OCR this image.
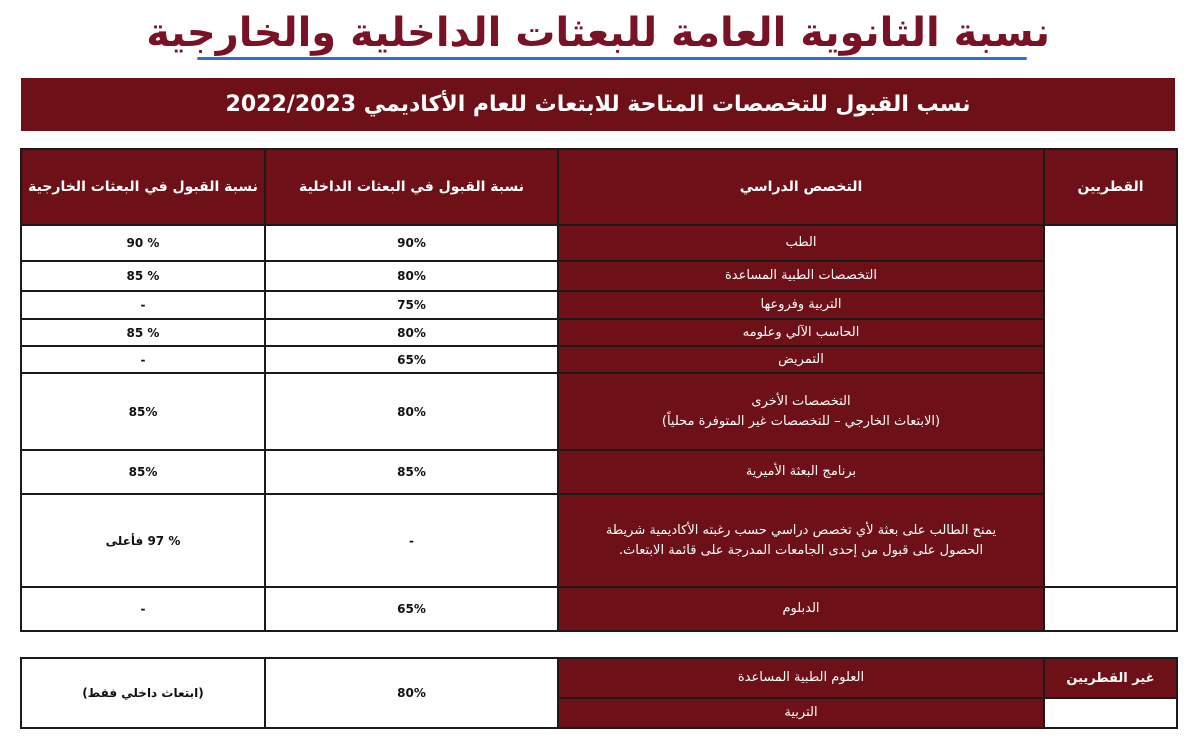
نسبة الثانوية العامة للبعثات الداخلية والخارجية
نسب القبول للتخصصات المتاحة للابتعاث للعام الأكاديمي 2022/2023
القطريين	التخصص الدراسي	نسبة القبول في البعثات الداخلية	نسبة القبول في البعثات الخارجية
	الطب	90%	90 %
	التخصصات الطبية المساعدة	80%	85 %
	التربية وفروعها	75%	-
	الحاسب الآلي وعلومه	80%	85 %
	التمريض	65%	-

	التخصصات الأخرى
(الابتعاث الخارجي – للتخصصات غير المتوفرة محلياً)	80%	85%
	برنامج البعثة الأميرية	85%	85%

	يمنح الطالب على بعثة لأي تخصص دراسي حسب رغبته الأكاديمية شريطة
الحصول على قبول من إحدى الجامعات المدرجة على قائمة الابتعاث.	-	% 97 فأعلى
	الدبلوم	65%	-
غير القطريين	العلوم الطبية المساعدة	80%	(ابتعاث داخلي فقط)
	التربية		
